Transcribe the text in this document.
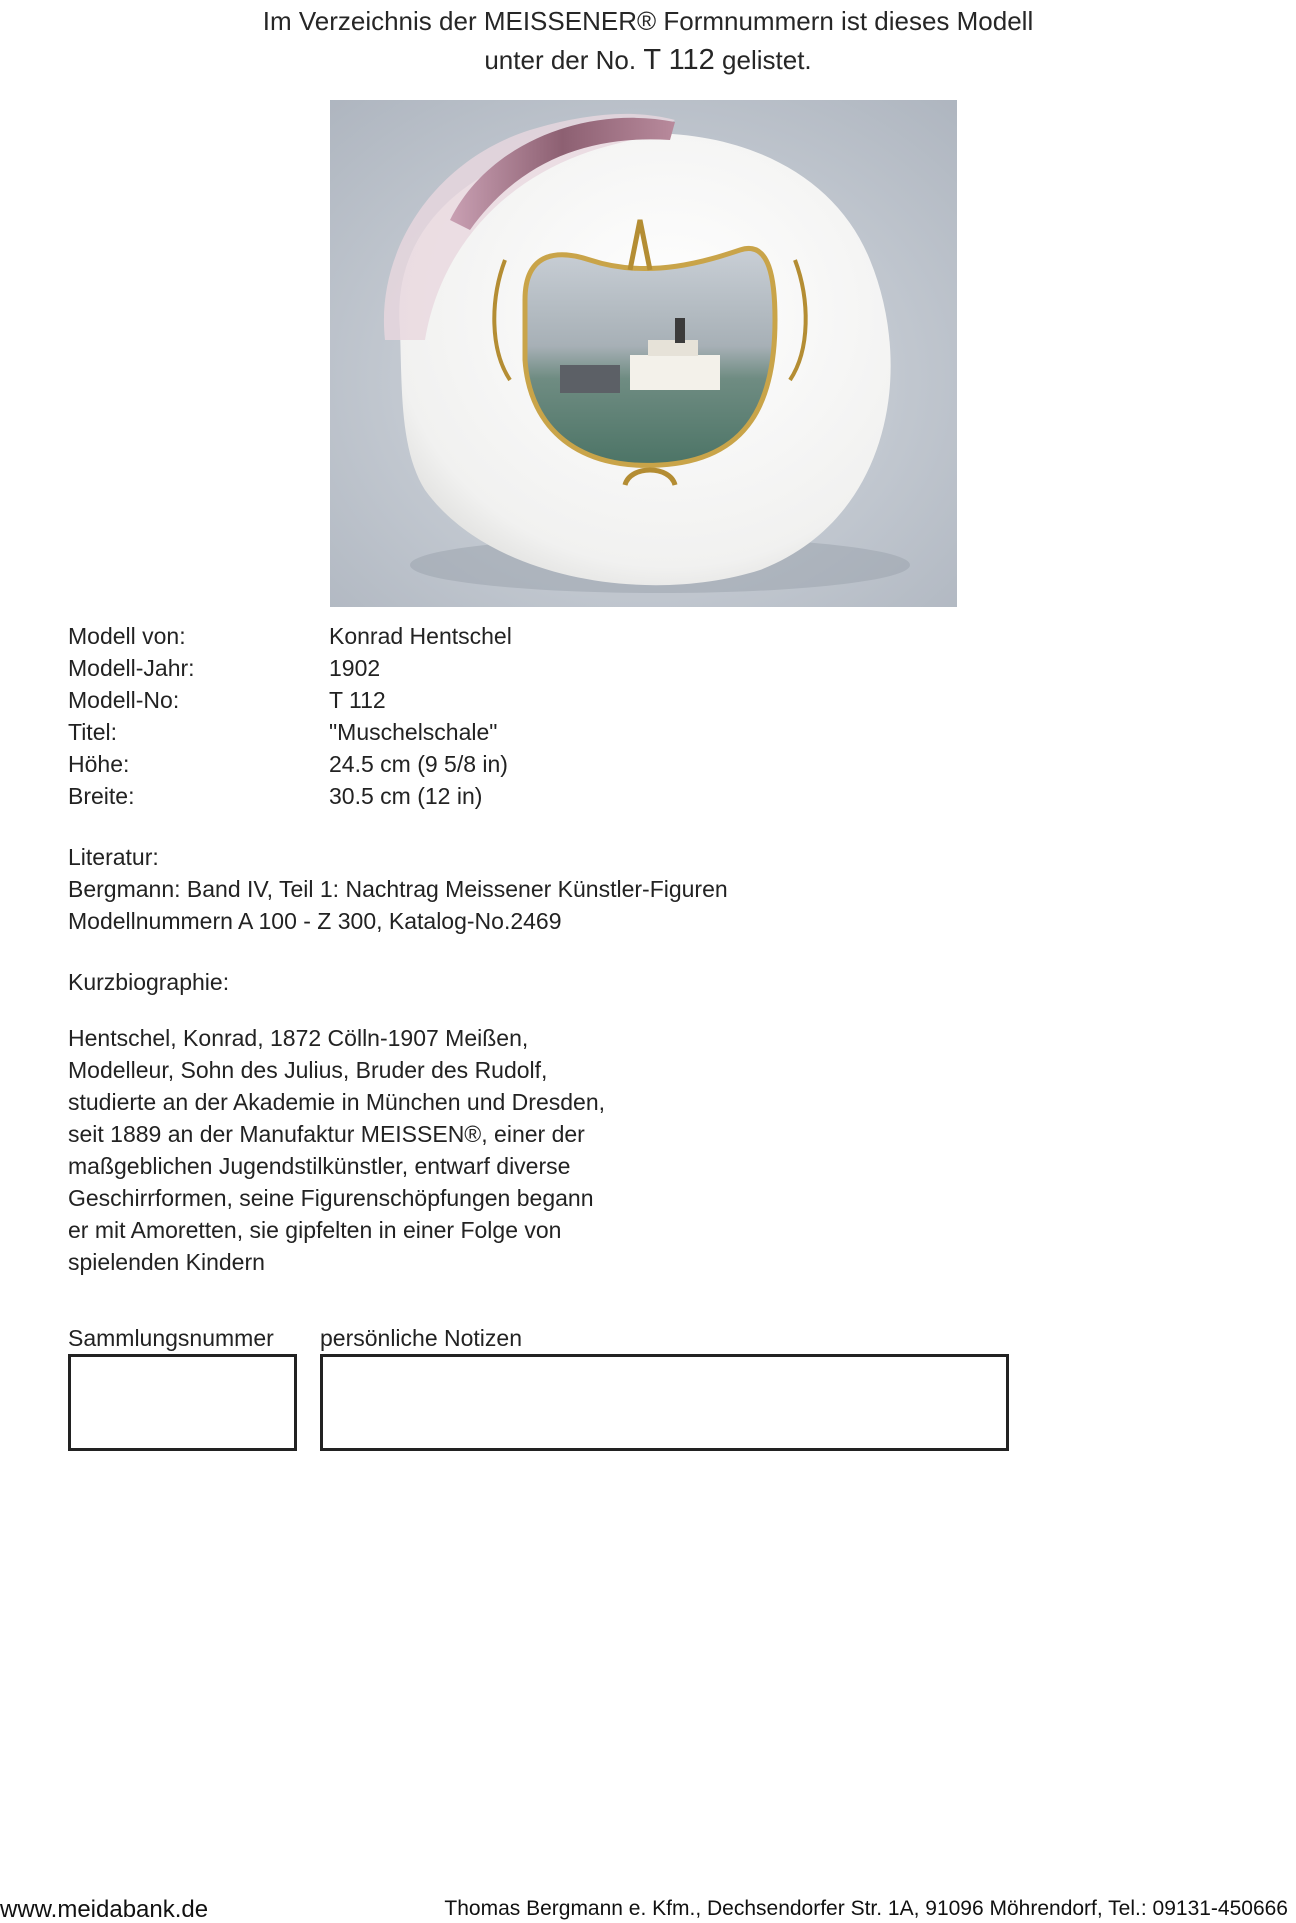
Im Verzeichnis der MEISSENER® Formnummern ist dieses Modell
unter der No. T 112 gelistet.
Modell von:	Konrad Hentschel
Modell-Jahr:	1902
Modell-No:	T 112
Titel:	"Muschelschale"
Höhe:	24.5 cm (9 5/8 in)
Breite:	30.5 cm (12 in)
Literatur:
Bergmann: Band IV, Teil 1: Nachtrag Meissener Künstler-Figuren
Modellnummern A 100 - Z 300, Katalog-No.2469
Kurzbiographie:
Hentschel, Konrad, 1872 Cölln-1907 Meißen,
Modelleur, Sohn des Julius, Bruder des Rudolf,
studierte an der Akademie in München und Dresden,
seit 1889 an der Manufaktur MEISSEN®, einer der
maßgeblichen Jugendstilkünstler, entwarf diverse
Geschirrformen, seine Figurenschöpfungen begann
er mit Amoretten, sie gipfelten in einer Folge von
spielenden Kindern
Sammlungsnummer persönliche Notizen
www.meidabank.de	Thomas Bergmann e. Kfm., Dechsendorfer Str. 1A, 91096 Möhrendorf, Tel.: 09131-450666
